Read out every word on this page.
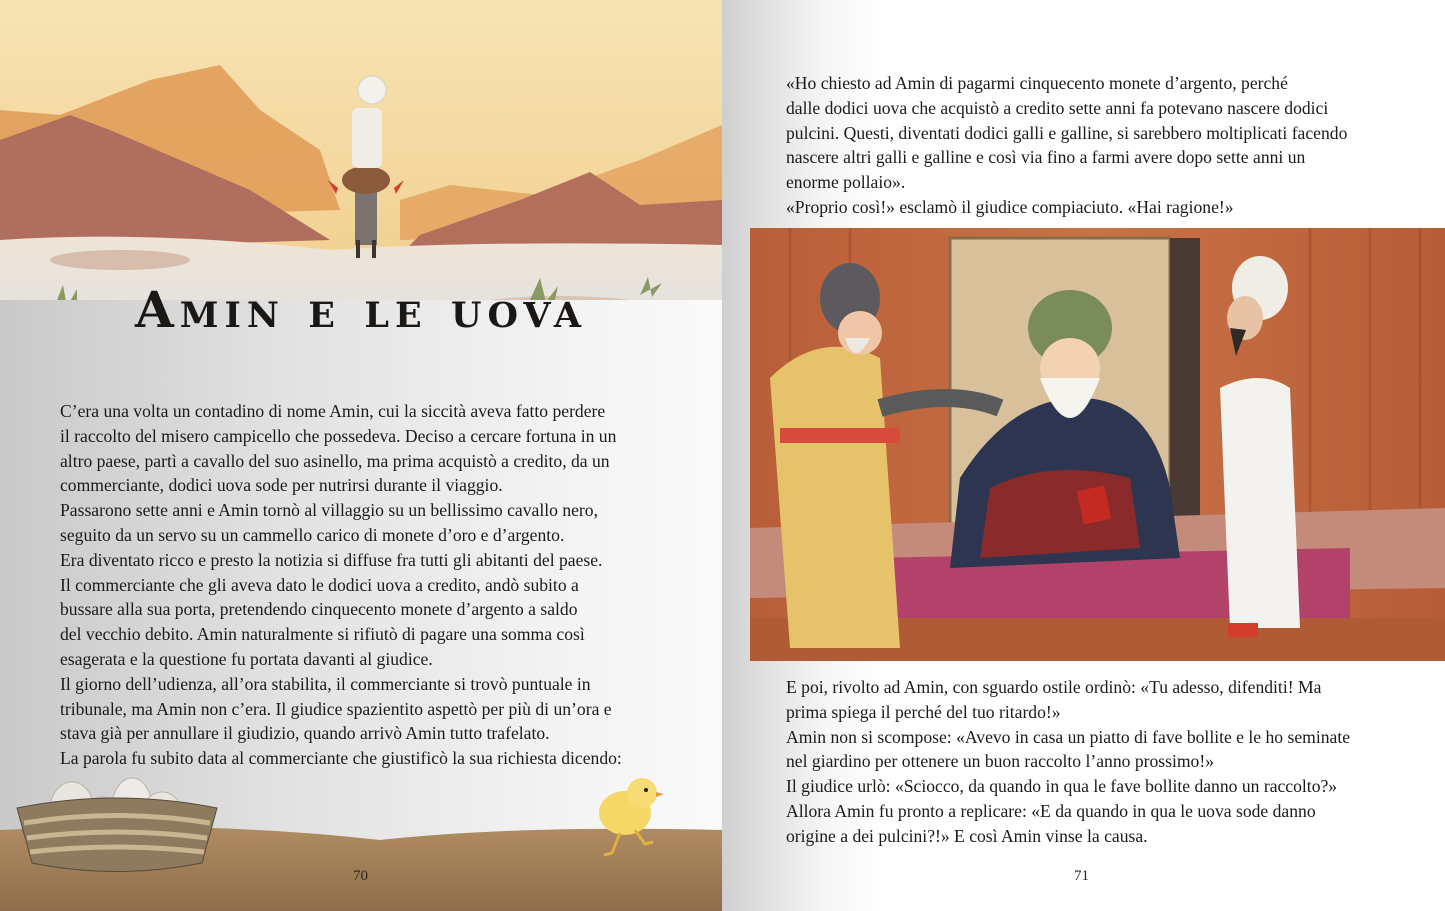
Amin e le uova

C’era una volta un contadino di nome Amin, cui la siccità aveva fatto perdere

il raccolto del misero campicello che possedeva. Deciso a cercare fortuna in un

altro paese, partì a cavallo del suo asinello, ma prima acquistò a credito, da un

commerciante, dodici uova sode per nutrirsi durante il viaggio.

Passarono sette anni e Amin tornò al villaggio su un bellissimo cavallo nero,

seguito da un servo su un cammello carico di monete d’oro e d’argento.

Era diventato ricco e presto la notizia si diffuse fra tutti gli abitanti del paese.

Il commerciante che gli aveva dato le dodici uova a credito, andò subito a

bussare alla sua porta, pretendendo cinquecento monete d’argento a saldo

del vecchio debito. Amin naturalmente si rifiutò di pagare una somma così

esagerata e la questione fu portata davanti al giudice.

Il giorno dell’udienza, all’ora stabilita, il commerciante si trovò puntuale in

tribunale, ma Amin non c’era. Il giudice spazientito aspettò per più di un’ora e

stava già per annullare il giudizio, quando arrivò Amin tutto trafelato.

La parola fu subito data al commerciante che giustificò la sua richiesta dicendo:

70	71

«Ho chiesto ad Amin di pagarmi cinquecento monete d’argento, perché

dalle dodici uova che acquistò a credito sette anni fa potevano nascere dodici

pulcini. Questi, diventati dodici galli e galline, si sarebbero moltiplicati facendo

nascere altri galli e galline e così via fino a farmi avere dopo sette anni un

enorme pollaio».

«Proprio così!» esclamò il giudice compiaciuto. «Hai ragione!»

E poi, rivolto ad Amin, con sguardo ostile ordinò: «Tu adesso, difenditi! Ma

prima spiega il perché del tuo ritardo!»

Amin non si scompose: «Avevo in casa un piatto di fave bollite e le ho seminate

nel giardino per ottenere un buon raccolto l’anno prossimo!»

Il giudice urlò: «Sciocco, da quando in qua le fave bollite danno un raccolto?»

Allora Amin fu pronto a replicare: «E da quando in qua le uova sode danno

origine a dei pulcini?!» E così Amin vinse la causa.
